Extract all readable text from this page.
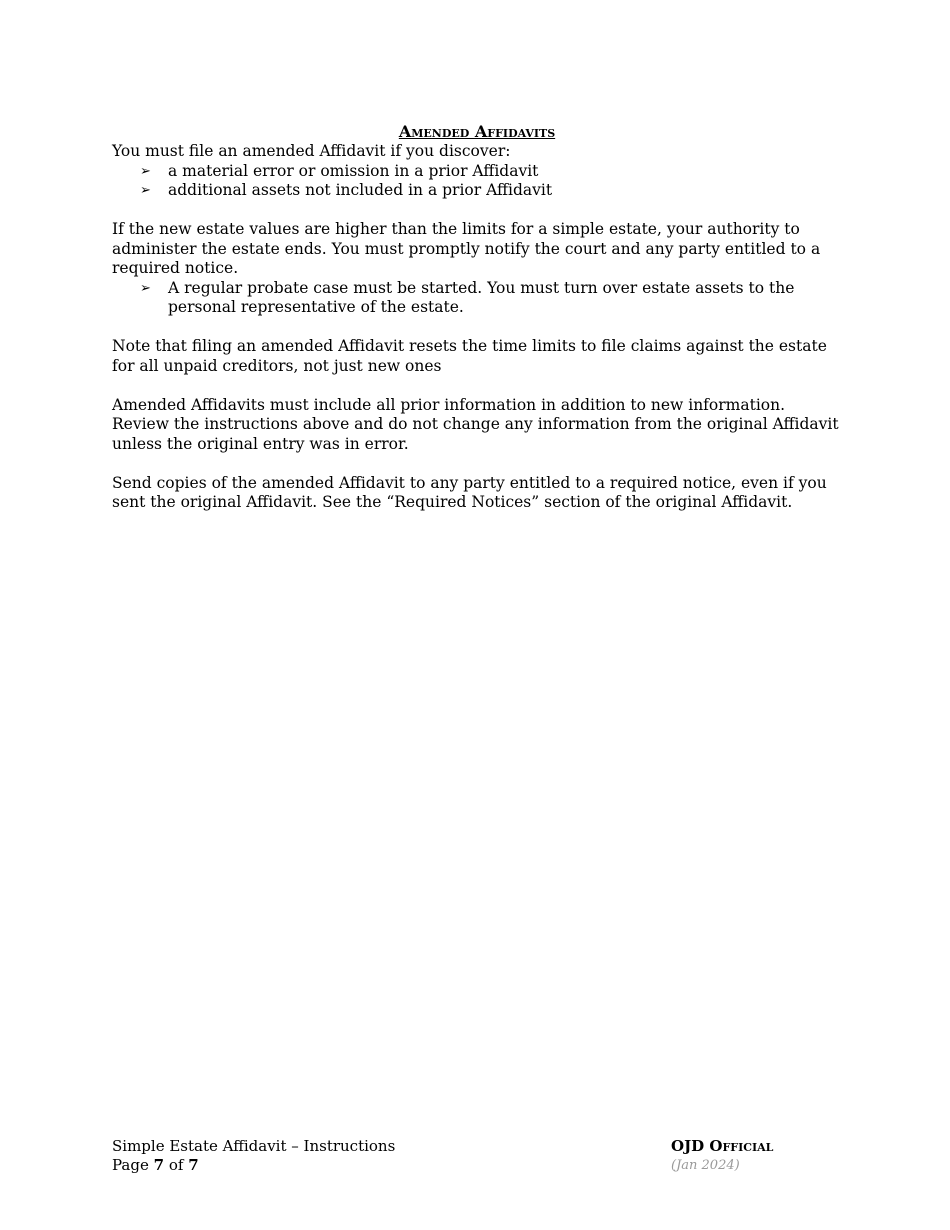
Amended Affidavits

You must file an amended Affidavit if you discover:

➢ a material error or omission in a prior Affidavit
➢ additional assets not included in a prior Affidavit

If the new estate values are higher than the limits for a simple estate, your authority to administer the estate ends. You must promptly notify the court and any party entitled to a required notice.

➢ A regular probate case must be started. You must turn over estate assets to the personal representative of the estate.

Note that filing an amended Affidavit resets the time limits to file claims against the estate for all unpaid creditors, not just new ones

Amended Affidavits must include all prior information in addition to new information. Review the instructions above and do not change any information from the original Affidavit unless the original entry was in error.

Send copies of the amended Affidavit to any party entitled to a required notice, even if you sent the original Affidavit. See the “Required Notices” section of the original Affidavit.

Simple Estate Affidavit – Instructions
Page 7 of 7
OJD Official
(Jan 2024)
